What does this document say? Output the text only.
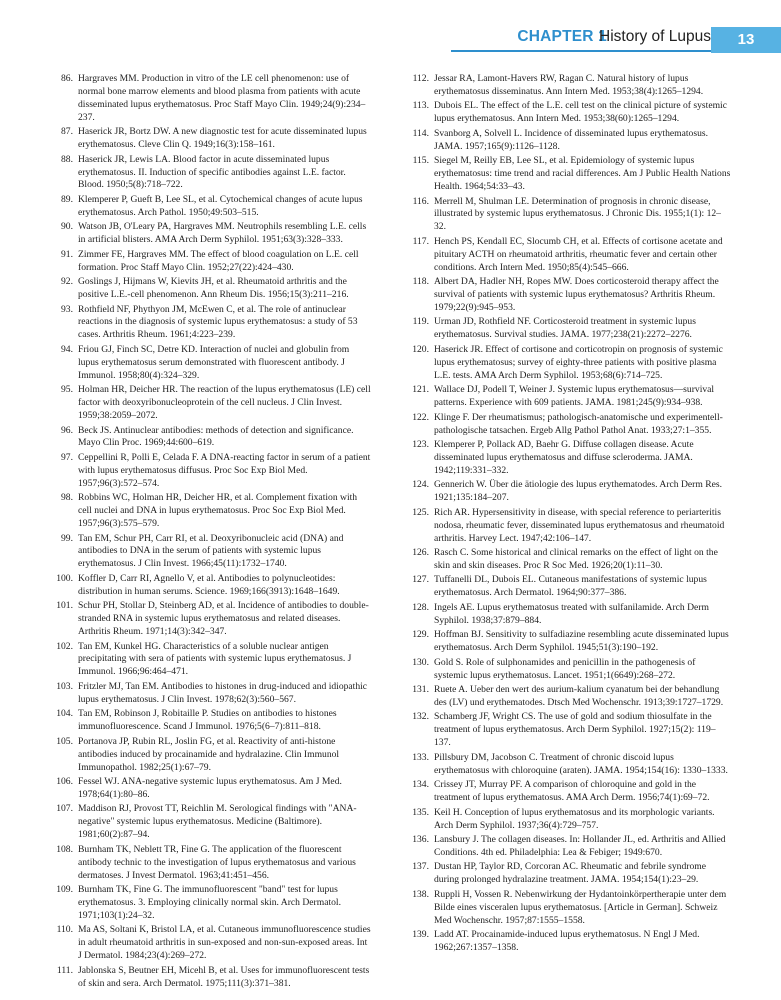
CHAPTER 1
History of Lupus	13
86. Hargraves MM. Production in vitro of the LE cell phenomenon: use of normal bone marrow elements and blood plasma from patients with acute disseminated lupus erythematosus. Proc Staff Mayo Clin. 1949;24(9):234–237.
87. Haserick JR, Bortz DW. A new diagnostic test for acute disseminated lupus erythematosus. Cleve Clin Q. 1949;16(3):158–161.
88. Haserick JR, Lewis LA. Blood factor in acute disseminated lupus erythematosus. II. Induction of specific antibodies against L.E. factor. Blood. 1950;5(8):718–722.
89. Klemperer P, Gueft B, Lee SL, et al. Cytochemical changes of acute lupus erythematosus. Arch Pathol. 1950;49:503–515.
90. Watson JB, O'Leary PA, Hargraves MM. Neutrophils resembling L.E. cells in artificial blisters. AMA Arch Derm Syphilol. 1951;63(3):328–333.
91. Zimmer FE, Hargraves MM. The effect of blood coagulation on L.E. cell formation. Proc Staff Mayo Clin. 1952;27(22):424–430.
92. Goslings J, Hijmans W, Kievits JH, et al. Rheumatoid arthritis and the positive L.E.-cell phenomenon. Ann Rheum Dis. 1956;15(3):211–216.
93. Rothfield NF, Phythyon JM, McEwen C, et al. The role of antinuclear reactions in the diagnosis of systemic lupus erythematosus: a study of 53 cases. Arthritis Rheum. 1961;4:223–239.
94. Friou GJ, Finch SC, Detre KD. Interaction of nuclei and globulin from lupus erythematosus serum demonstrated with fluorescent antibody. J Immunol. 1958;80(4):324–329.
95. Holman HR, Deicher HR. The reaction of the lupus erythematosus (LE) cell factor with deoxyribonucleoprotein of the cell nucleus. J Clin Invest. 1959;38:2059–2072.
96. Beck JS. Antinuclear antibodies: methods of detection and significance. Mayo Clin Proc. 1969;44:600–619.
97. Ceppellini R, Polli E, Celada F. A DNA-reacting factor in serum of a patient with lupus erythematosus diffusus. Proc Soc Exp Biol Med. 1957;96(3):572–574.
98. Robbins WC, Holman HR, Deicher HR, et al. Complement fixation with cell nuclei and DNA in lupus erythematosus. Proc Soc Exp Biol Med. 1957;96(3):575–579.
99. Tan EM, Schur PH, Carr RI, et al. Deoxyribonucleic acid (DNA) and antibodies to DNA in the serum of patients with systemic lupus erythematosus. J Clin Invest. 1966;45(11):1732–1740.
100. Koffler D, Carr RI, Agnello V, et al. Antibodies to polynucleotides: distribution in human serums. Science. 1969;166(3913):1648–1649.
101. Schur PH, Stollar D, Steinberg AD, et al. Incidence of antibodies to double-stranded RNA in systemic lupus erythematosus and related diseases. Arthritis Rheum. 1971;14(3):342–347.
102. Tan EM, Kunkel HG. Characteristics of a soluble nuclear antigen precipitating with sera of patients with systemic lupus erythematosus. J Immunol. 1966;96:464–471.
103. Fritzler MJ, Tan EM. Antibodies to histones in drug-induced and idiopathic lupus erythematosus. J Clin Invest. 1978;62(3):560–567.
104. Tan EM, Robinson J, Robitaille P. Studies on antibodies to histones immunofluorescence. Scand J Immunol. 1976;5(6–7):811–818.
105. Portanova JP, Rubin RL, Joslin FG, et al. Reactivity of anti-histone antibodies induced by procainamide and hydralazine. Clin Immunol Immunopathol. 1982;25(1):67–79.
106. Fessel WJ. ANA-negative systemic lupus erythematosus. Am J Med. 1978;64(1):80–86.
107. Maddison RJ, Provost TT, Reichlin M. Serological findings with "ANA-negative" systemic lupus erythematosus. Medicine (Baltimore). 1981;60(2):87–94.
108. Burnham TK, Neblett TR, Fine G. The application of the fluorescent antibody technic to the investigation of lupus erythematosus and various dermatoses. J Invest Dermatol. 1963;41:451–456.
109. Burnham TK, Fine G. The immunofluorescent "band" test for lupus erythematosus. 3. Employing clinically normal skin. Arch Dermatol. 1971;103(1):24–32.
110. Ma AS, Soltani K, Bristol LA, et al. Cutaneous immunofluorescence studies in adult rheumatoid arthritis in sun-exposed and non-sun-exposed areas. Int J Dermatol. 1984;23(4):269–272.
111. Jablonska S, Beutner EH, Micehl B, et al. Uses for immunofluorescent tests of skin and sera. Arch Dermatol. 1975;111(3):371–381.
112. Jessar RA, Lamont-Havers RW, Ragan C. Natural history of lupus erythematosus disseminatus. Ann Intern Med. 1953;38(4):1265–1294.
113. Dubois EL. The effect of the L.E. cell test on the clinical picture of systemic lupus erythematosus. Ann Intern Med. 1953;38(60):1265–1294.
114. Svanborg A, Solvell L. Incidence of disseminated lupus erythematosus. JAMA. 1957;165(9):1126–1128.
115. Siegel M, Reilly EB, Lee SL, et al. Epidemiology of systemic lupus erythematosus: time trend and racial differences. Am J Public Health Nations Health. 1964;54:33–43.
116. Merrell M, Shulman LE. Determination of prognosis in chronic disease, illustrated by systemic lupus erythematosus. J Chronic Dis. 1955;1(1): 12–32.
117. Hench PS, Kendall EC, Slocumb CH, et al. Effects of cortisone acetate and pituitary ACTH on rheumatoid arthritis, rheumatic fever and certain other conditions. Arch Intern Med. 1950;85(4):545–666.
118. Albert DA, Hadler NH, Ropes MW. Does corticosteroid therapy affect the survival of patients with systemic lupus erythematosus? Arthritis Rheum. 1979;22(9):945–953.
119. Urman JD, Rothfield NF. Corticosteroid treatment in systemic lupus erythematosus. Survival studies. JAMA. 1977;238(21):2272–2276.
120. Haserick JR. Effect of cortisone and corticotropin on prognosis of systemic lupus erythematosus; survey of eighty-three patients with positive plasma L.E. tests. AMA Arch Derm Syphilol. 1953;68(6):714–725.
121. Wallace DJ, Podell T, Weiner J. Systemic lupus erythematosus—survival patterns. Experience with 609 patients. JAMA. 1981;245(9):934–938.
122. Klinge F. Der rheumatismus; pathologisch-anatomische und experimentell-pathologische tatsachen. Ergeb Allg Pathol Pathol Anat. 1933;27:1–355.
123. Klemperer P, Pollack AD, Baehr G. Diffuse collagen disease. Acute disseminated lupus erythematosus and diffuse scleroderma. JAMA. 1942;119:331–332.
124. Gennerich W. Über die ätiologie des lupus erythematodes. Arch Derm Res. 1921;135:184–207.
125. Rich AR. Hypersensitivity in disease, with special reference to periarteritis nodosa, rheumatic fever, disseminated lupus erythematosus and rheumatoid arthritis. Harvey Lect. 1947;42:106–147.
126. Rasch C. Some historical and clinical remarks on the effect of light on the skin and skin diseases. Proc R Soc Med. 1926;20(1):11–30.
127. Tuffanelli DL, Dubois EL. Cutaneous manifestations of systemic lupus erythematosus. Arch Dermatol. 1964;90:377–386.
128. Ingels AE. Lupus erythematosus treated with sulfanilamide. Arch Derm Syphilol. 1938;37:879–884.
129. Hoffman BJ. Sensitivity to sulfadiazine resembling acute disseminated lupus erythematosus. Arch Derm Syphilol. 1945;51(3):190–192.
130. Gold S. Role of sulphonamides and penicillin in the pathogenesis of systemic lupus erythematosus. Lancet. 1951;1(6649):268–272.
131. Ruete A. Ueber den wert des aurium-kalium cyanatum bei der behandlung des (LV) und erythematodes. Dtsch Med Wochenschr. 1913;39:1727–1729.
132. Schamberg JF, Wright CS. The use of gold and sodium thiosulfate in the treatment of lupus erythematosus. Arch Derm Syphilol. 1927;15(2): 119–137.
133. Pillsbury DM, Jacobson C. Treatment of chronic discoid lupus erythematosus with chloroquine (araten). JAMA. 1954;154(16): 1330–1333.
134. Crissey JT, Murray PF. A comparison of chloroquine and gold in the treatment of lupus erythematosus. AMA Arch Derm. 1956;74(1):69–72.
135. Keil H. Conception of lupus erythematosus and its morphologic variants. Arch Derm Syphilol. 1937;36(4):729–757.
136. Lansbury J. The collagen diseases. In: Hollander JL, ed. Arthritis and Allied Conditions. 4th ed. Philadelphia: Lea & Febiger; 1949:670.
137. Dustan HP, Taylor RD, Corcoran AC. Rheumatic and febrile syndrome during prolonged hydralazine treatment. JAMA. 1954;154(1):23–29.
138. Ruppli H, Vossen R. Nebenwirkung der Hydantoinkörpertherapie unter dem Bilde eines visceralen lupus erythematosus. [Article in German]. Schweiz Med Wochenschr. 1957;87:1555–1558.
139. Ladd AT. Procainamide-induced lupus erythematosus. N Engl J Med. 1962;267:1357–1358.
